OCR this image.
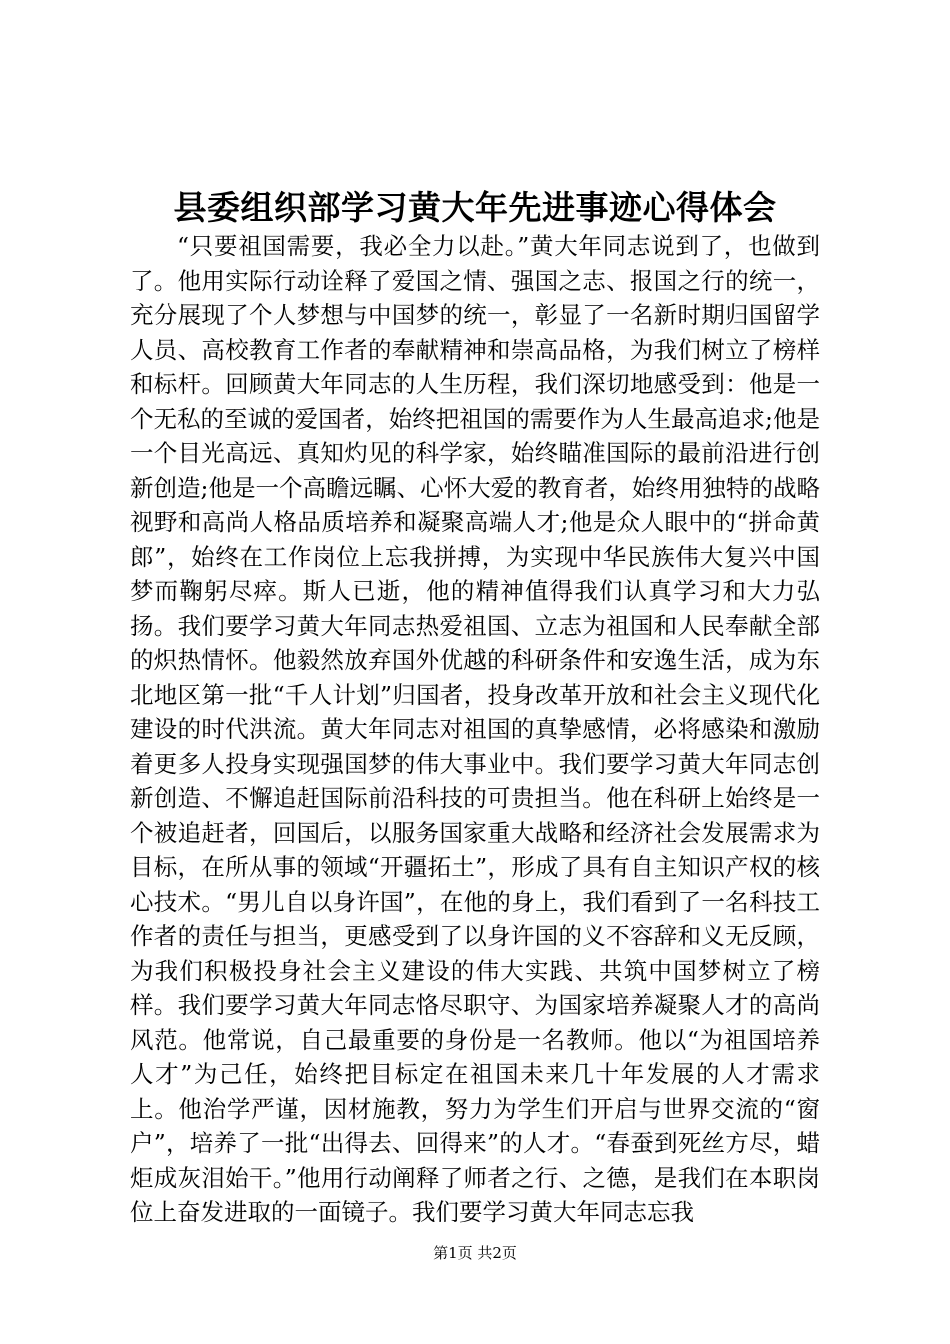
县委组织部学习黄大年先进事迹心得体会

“只要祖国需要，我必全力以赴。”黄大年同志说到了，也做到了。他用实际行动诠释了爱国之情、强国之志、报国之行的统一，充分展现了个人梦想与中国梦的统一，彰显了一名新时期归国留学人员、高校教育工作者的奉献精神和崇高品格，为我们树立了榜样和标杆。回顾黄大年同志的人生历程，我们深切地感受到：他是一个无私的至诚的爱国者，始终把祖国的需要作为人生最高追求;他是一个目光高远、真知灼见的科学家，始终瞄准国际的最前沿进行创新创造;他是一个高瞻远瞩、心怀大爱的教育者，始终用独特的战略视野和高尚人格品质培养和凝聚高端人才;他是众人眼中的“拼命黄郎”，始终在工作岗位上忘我拼搏，为实现中华民族伟大复兴中国梦而鞠躬尽瘁。斯人已逝，他的精神值得我们认真学习和大力弘扬。我们要学习黄大年同志热爱祖国、立志为祖国和人民奉献全部的炽热情怀。他毅然放弃国外优越的科研条件和安逸生活，成为东北地区第一批“千人计划”归国者，投身改革开放和社会主义现代化建设的时代洪流。黄大年同志对祖国的真挚感情，必将感染和激励着更多人投身实现强国梦的伟大事业中。我们要学习黄大年同志创新创造、不懈追赶国际前沿科技的可贵担当。他在科研上始终是一个被追赶者，回国后，以服务国家重大战略和经济社会发展需求为目标，在所从事的领域“开疆拓土”，形成了具有自主知识产权的核心技术。“男儿自以身许国”，在他的身上，我们看到了一名科技工作者的责任与担当，更感受到了以身许国的义不容辞和义无反顾，为我们积极投身社会主义建设的伟大实践、共筑中国梦树立了榜样。我们要学习黄大年同志恪尽职守、为国家培养凝聚人才的高尚风范。他常说，自己最重要的身份是一名教师。他以“为祖国培养人才”为己任，始终把目标定在祖国未来几十年发展的人才需求上。他治学严谨，因材施教，努力为学生们开启与世界交流的“窗户”，培养了一批“出得去、回得来”的人才。“春蚕到死丝方尽，蜡炬成灰泪始干。”他用行动阐释了师者之行、之德，是我们在本职岗位上奋发进取的一面镜子。我们要学习黄大年同志忘我

第1页 共2页
